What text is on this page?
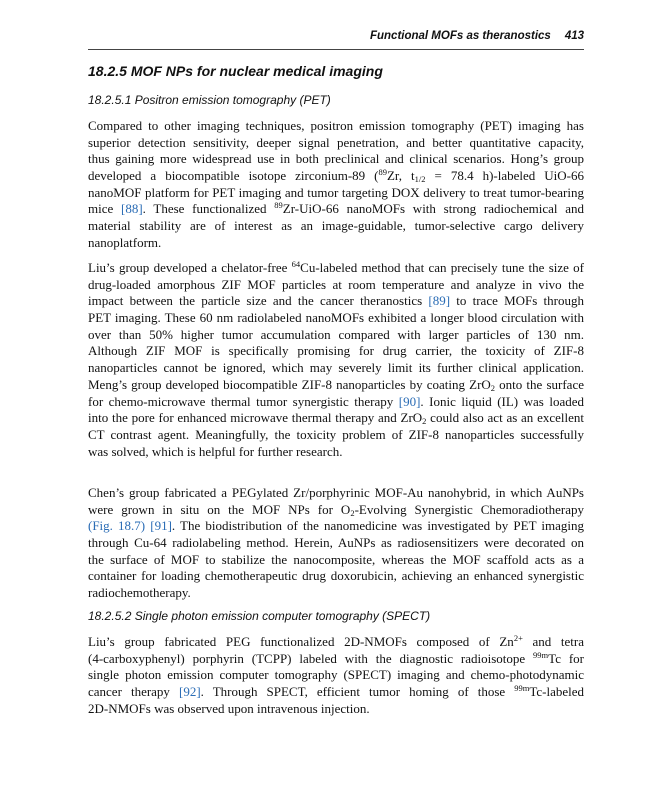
Functional MOFs as theranostics 413
18.2.5 MOF NPs for nuclear medical imaging
18.2.5.1 Positron emission tomography (PET)
Compared to other imaging techniques, positron emission tomography (PET) imaging has
superior detection sensitivity, deeper signal penetration, and better quantitative capacity,
thus gaining more widespread use in both preclinical and clinical scenarios. Hong’s group
developed a biocompatible isotope zirconium-89 ($^{89}$Zr, $t_{1/2} = 78.4$ h)-labeled UiO-66
nanoMOF platform for PET imaging and tumor targeting DOX delivery to treat tumor-bearing
mice [88]. These functionalized $^{89}$Zr-UiO-66 nanoMOFs with strong radiochemical and
material stability are of interest as an image-guidable, tumor-selective cargo delivery
nanoplatform.
Liu’s group developed a chelator-free $^{64}$Cu-labeled method that can precisely tune the size of
drug-loaded amorphous ZIF MOF particles at room temperature and analyze in vivo the
impact between the particle size and the cancer theranostics [89] to trace MOFs through
PET imaging. These 60 nm radiolabeled nanoMOFs exhibited a longer blood circulation with
over than 50% higher tumor accumulation compared with larger particles of 130 nm.
Although ZIF MOF is specifically promising for drug carrier, the toxicity of ZIF-8
nanoparticles cannot be ignored, which may severely limit its further clinical application.
Meng’s group developed biocompatible ZIF-8 nanoparticles by coating ZrO$_2$ onto the surface
for chemo-microwave thermal tumor synergistic therapy [90]. Ionic liquid (IL) was loaded
into the pore for enhanced microwave thermal therapy and ZrO$_2$ could also act as an excellent
CT contrast agent. Meaningfully, the toxicity problem of ZIF-8 nanoparticles successfully
was solved, which is helpful for further research.
Chen’s group fabricated a PEGylated Zr/porphyrinic MOF-Au nanohybrid, in which AuNPs
were grown in situ on the MOF NPs for $O_2$-Evolving Synergistic Chemoradiotherapy
(Fig. 18.7) [91]. The biodistribution of the nanomedicine was investigated by PET imaging
through Cu-64 radiolabeling method. Herein, AuNPs as radiosensitizers were decorated on
the surface of MOF to stabilize the nanocomposite, whereas the MOF scaffold acts as a
container for loading chemotherapeutic drug doxorubicin, achieving an enhanced synergistic
radiochemotherapy.
18.2.5.2 Single photon emission computer tomography (SPECT)
Liu’s group fabricated PEG functionalized 2D-NMOFs composed of $Zn^{2+}$ and tetra
(4-carboxyphenyl) porphyrin (TCPP) labeled with the diagnostic radioisotope $^{99m}$Tc for
single photon emission computer tomography (SPECT) imaging and chemo-photodynamic
cancer therapy [92]. Through SPECT, efficient tumor homing of those $^{99m}$Tc-labeled
2D-NMOFs was observed upon intravenous injection.
